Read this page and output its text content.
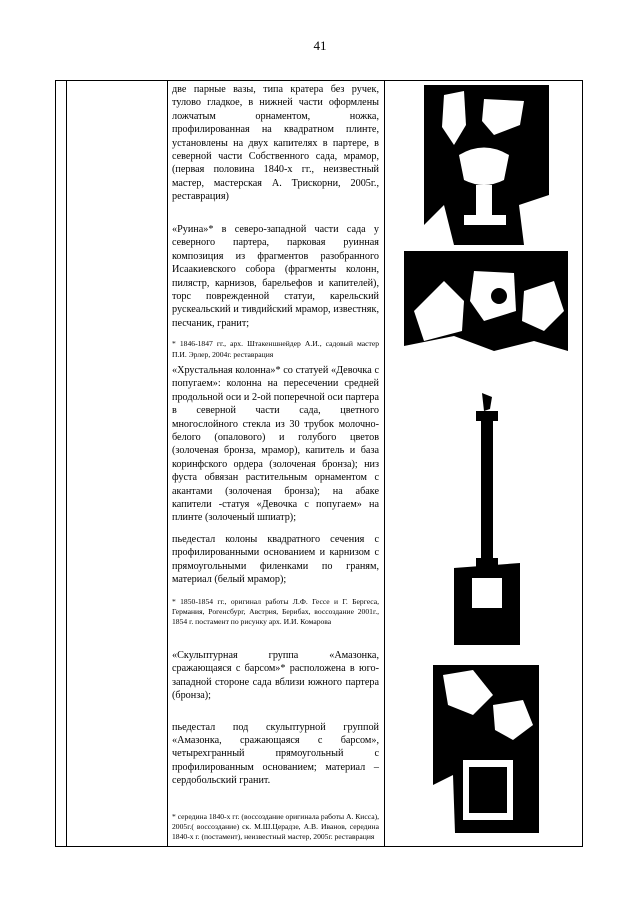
41

две парные вазы, типа кратера без ручек, тулово гладкое, в нижней части оформлены ложчатым орнаментом, ножка, профилированная на квадратном плинте, установлены на двух капителях в партере, в северной части Собственного сада, мрамор, (первая половина 1840-х гг., неизвестный мастер, мастерская А. Трискорни, 2005г., реставрация)

«Руина»* в северо-западной части сада у северного партера, парковая руинная композиция из фрагментов разобранного Исаакиевского собора (фрагменты колонн, пилястр, карнизов, барельефов и капителей), торс поврежденной статуи, карельский рускеальский и тивдийский мрамор, известняк, песчаник, гранит;

* 1846-1847 гг., арх. Штакеншнейдер А.И., садовый мастер П.И. Эрлер, 2004г. реставрация

«Хрустальная колонна»* со статуей «Девочка с попугаем»: колонна на пересечении средней продольной оси и 2-ой поперечной оси партера в северной части сада, цветного многослойного стекла из 30 трубок молочно-белого (опалового) и голубого цветов (золоченая бронза, мрамор), капитель и база коринфского ордера (золоченая бронза); низ фуста обвязан растительным орнаментом с акантами (золоченая бронза); на абаке капители -статуя «Девочка с попугаем» на плинте (золоченый шпиатр);

пьедестал колоны квадратного сечения с профилированными основанием и карнизом с прямоугольными филенками по граням, материал (белый мрамор);

* 1850-1854 гг., оригинал работы Л.Ф. Гессе и Г. Бергеса, Германия, Рогенсбург, Австрия, Берибах, воссоздание 2001г., 1854 г. постамент по рисунку арх. И.И. Комарова

«Скульптурная группа «Амазонка, сражающаяся с барсом»* расположена в юго-западной стороне сада вблизи южного партера (бронза);

пьедестал под скульптурной группой «Амазонка, сражающаяся с барсом», четырехгранный прямоугольный с профилированным основанием; материал – сердобольский гранит.

* середина 1840-х гг. (воссоздание оригинала работы А. Кисса), 2005г.( воссоздание) ск. М.Ш.Церадзе, А.В. Иванов, середина 1840-х г. (постамент), неизвестный мастер, 2005г. реставрация
